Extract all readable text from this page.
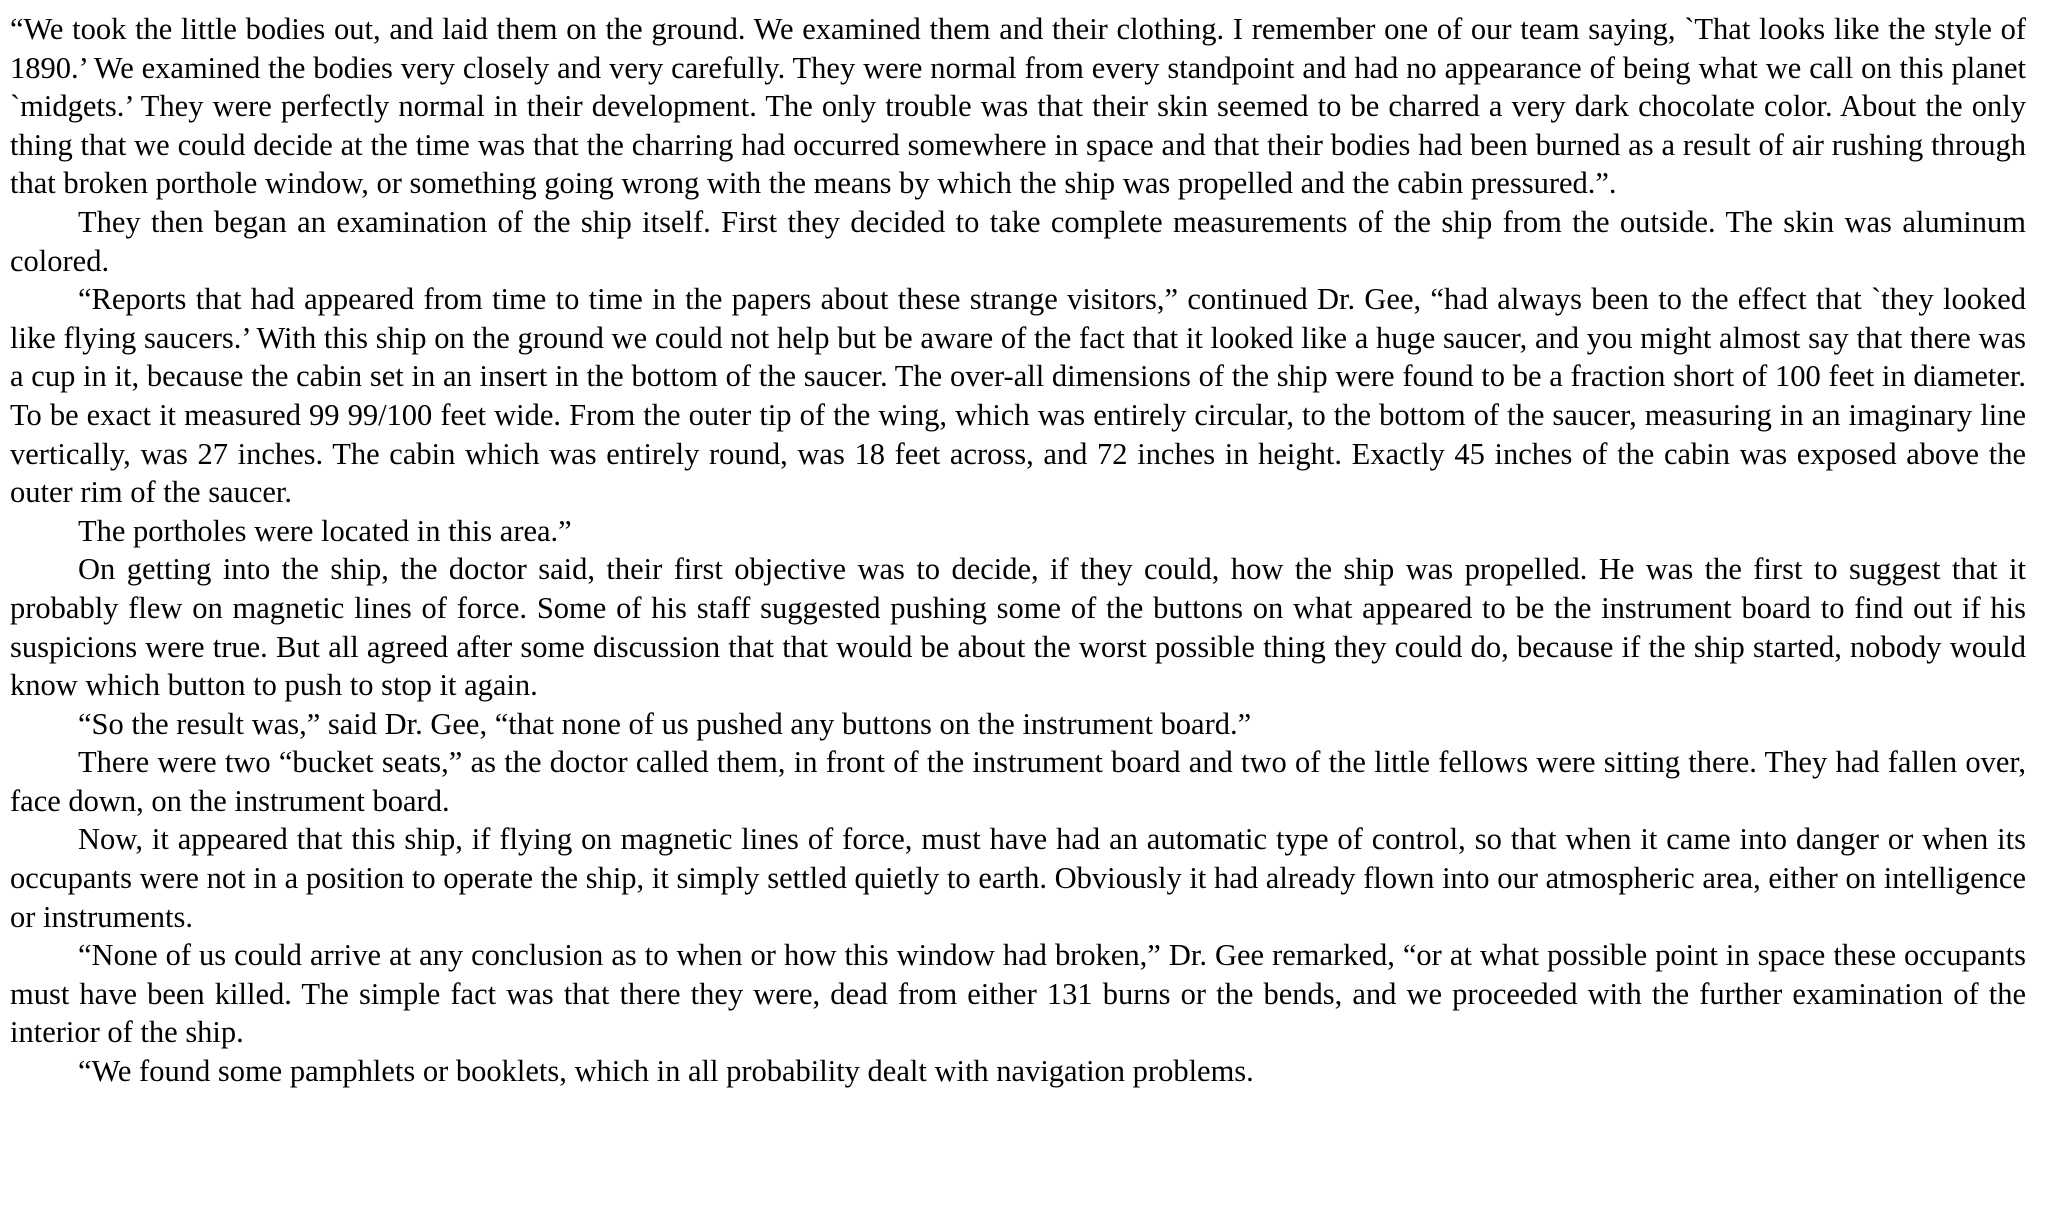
“We took the little bodies out, and laid them on the ground. We examined them and their clothing. I remember one of our team saying, `That looks like the style of 1890.’ We examined the bodies very closely and very carefully. They were normal from every standpoint and had no appearance of being what we call on this planet `midgets.’ They were perfectly normal in their development. The only trouble was that their skin seemed to be charred a very dark chocolate color. About the only thing that we could decide at the time was that the charring had occurred somewhere in space and that their bodies had been burned as a result of air rushing through that broken porthole window, or something going wrong with the means by which the ship was propelled and the cabin pressured.”.

They then began an examination of the ship itself. First they decided to take complete measurements of the ship from the outside. The skin was aluminum colored.

“Reports that had appeared from time to time in the papers about these strange visitors,” continued Dr. Gee, “had always been to the effect that `they looked like flying saucers.’ With this ship on the ground we could not help but be aware of the fact that it looked like a huge saucer, and you might almost say that there was a cup in it, because the cabin set in an insert in the bottom of the saucer. The over-all dimensions of the ship were found to be a fraction short of 100 feet in diameter. To be exact it measured 99 99/100 feet wide. From the outer tip of the wing, which was entirely circular, to the bottom of the saucer, measuring in an imaginary line vertically, was 27 inches. The cabin which was entirely round, was 18 feet across, and 72 inches in height. Exactly 45 inches of the cabin was exposed above the outer rim of the saucer.

The portholes were located in this area.”

On getting into the ship, the doctor said, their first objective was to decide, if they could, how the ship was propelled. He was the first to suggest that it probably flew on magnetic lines of force. Some of his staff suggested pushing some of the buttons on what appeared to be the instrument board to find out if his suspicions were true. But all agreed after some discussion that that would be about the worst possible thing they could do, because if the ship started, nobody would know which button to push to stop it again.

“So the result was,” said Dr. Gee, “that none of us pushed any buttons on the instrument board.”

There were two “bucket seats,” as the doctor called them, in front of the instrument board and two of the little fellows were sitting there. They had fallen over, face down, on the instrument board.

Now, it appeared that this ship, if flying on magnetic lines of force, must have had an automatic type of control, so that when it came into danger or when its occupants were not in a position to operate the ship, it simply settled quietly to earth. Obviously it had already flown into our atmospheric area, either on intelligence or instruments.

“None of us could arrive at any conclusion as to when or how this window had broken,” Dr. Gee remarked, “or at what possible point in space these occupants must have been killed. The simple fact was that there they were, dead from either 131 burns or the bends, and we proceeded with the further examination of the interior of the ship.

“We found some pamphlets or booklets, which in all probability dealt with navigation problems.
